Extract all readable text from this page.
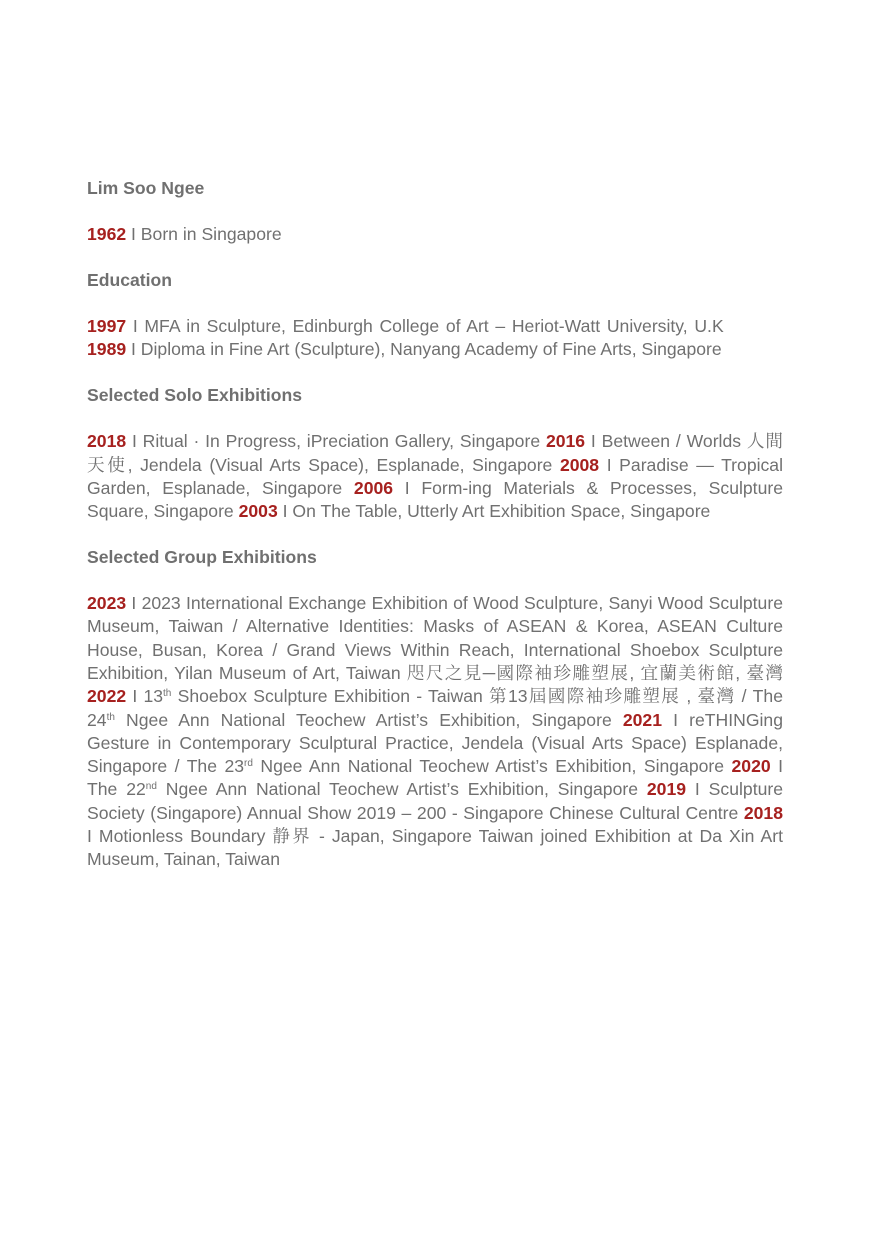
Lim Soo Ngee

1962 I Born in Singapore

Education

1997 I MFA in Sculpture, Edinburgh College of Art – Heriot-Watt University, U.K

1989 I Diploma in Fine Art (Sculpture), Nanyang Academy of Fine Arts, Singapore

Selected Solo Exhibitions

2018 I Ritual · In Progress, iPreciation Gallery, Singapore 2016 I Between / Worlds 人間天使, Jendela (Visual Arts Space), Esplanade, Singapore 2008 I Paradise — Tropical Garden, Esplanade, Singapore 2006 I Form-ing Materials & Processes, Sculpture Square, Singapore 2003 I On The Table, Utterly Art Exhibition Space, Singapore

Selected Group Exhibitions

2023 I 2023 International Exchange Exhibition of Wood Sculpture, Sanyi Wood Sculpture Museum, Taiwan / Alternative Identities: Masks of ASEAN & Korea, ASEAN Culture House, Busan, Korea / Grand Views Within Reach, International Shoebox Sculpture Exhibition, Yilan Museum of Art, Taiwan 咫尺之見─國際袖珍雕塑展, 宜蘭美術館, 臺灣 2022 I 13th Shoebox Sculpture Exhibition - Taiwan 第13屆國際袖珍雕塑展 , 臺灣 / The 24th Ngee Ann National Teochew Artist’s Exhibition, Singapore 2021 I reTHINGing Gesture in Contemporary Sculptural Practice, Jendela (Visual Arts Space) Esplanade, Singapore / The 23rd Ngee Ann National Teochew Artist’s Exhibition, Singapore 2020 I The 22nd Ngee Ann National Teochew Artist’s Exhibition, Singapore 2019 I Sculpture Society (Singapore) Annual Show 2019 – 200 - Singapore Chinese Cultural Centre 2018 I Motionless Boundary 静界 - Japan, Singapore Taiwan joined Exhibition at Da Xin Art Museum, Tainan, Taiwan
